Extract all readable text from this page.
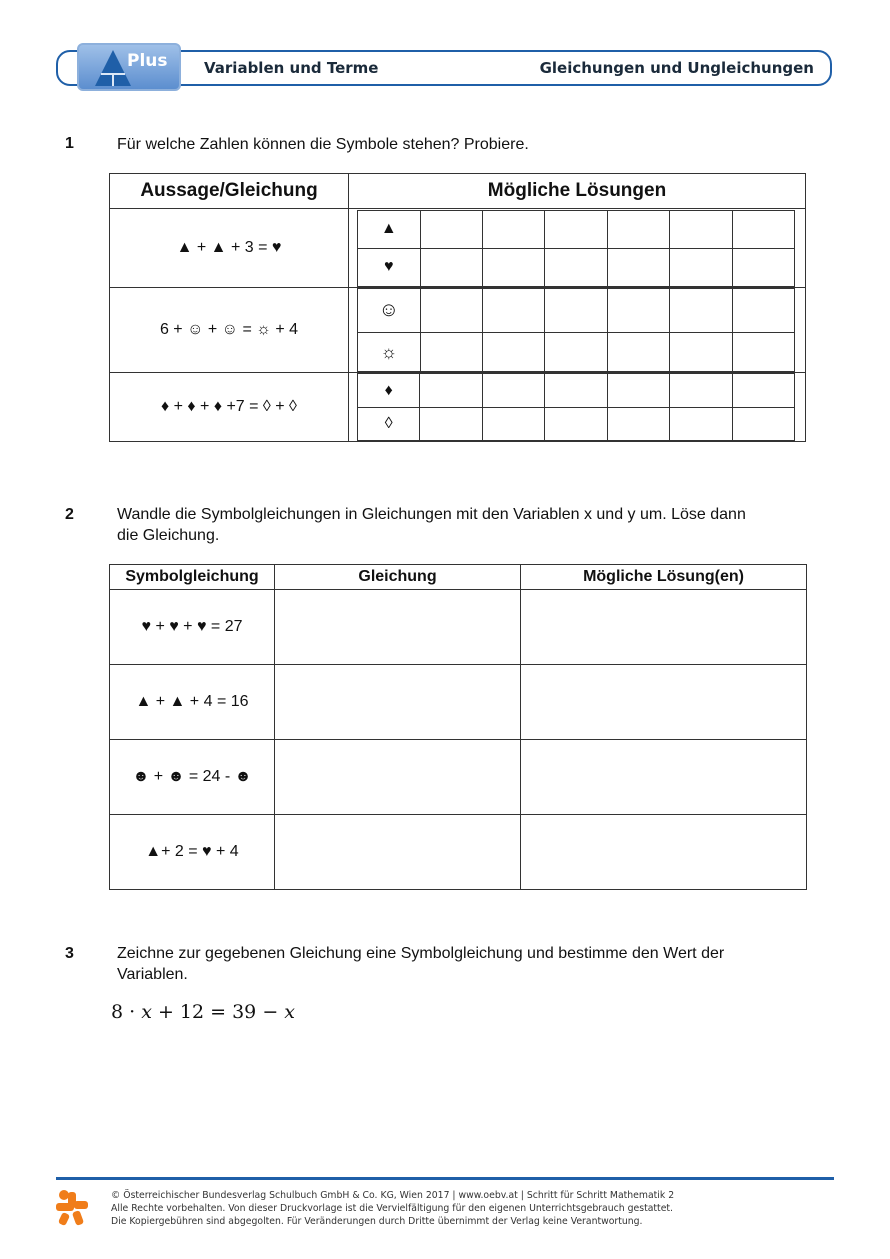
Plus Variablen und Terme	Gleichungen und Ungleichungen
1	Für welche Zahlen können die Symbole stehen? Probiere.
Aussage/Gleichung	Mögliche Lösungen
▲ + ▲ + 3 = ♥	
▲						
♥						

6 + ☺ + ☺ = ☼ + 4	
☺						
☼						

♦ + ♦ + ♦ +7 = ◊ + ◊	
♦						
◊						
2	Wandle die Symbolgleichungen in Gleichungen mit den Variablen x und y um. Löse dann
die Gleichung.
Symbolgleichung	Gleichung	Mögliche Lösung(en)
♥ + ♥ + ♥ = 27		
▲ + ▲ + 4 = 16		
☻ + ☻ = 24 - ☻		
▲+ 2 = ♥ + 4		
3	Zeichne zur gegebenen Gleichung eine Symbolgleichung und bestimme den Wert der
Variablen.
8 · 𝑥 + 12 = 39 − 𝑥
© Österreichischer Bundesverlag Schulbuch GmbH & Co. KG, Wien 2017 | www.oebv.at | Schritt für Schritt Mathematik 2
Alle Rechte vorbehalten. Von dieser Druckvorlage ist die Vervielfältigung für den eigenen Unterrichtsgebrauch gestattet.
Die Kopiergebühren sind abgegolten. Für Veränderungen durch Dritte übernimmt der Verlag keine Verantwortung.
